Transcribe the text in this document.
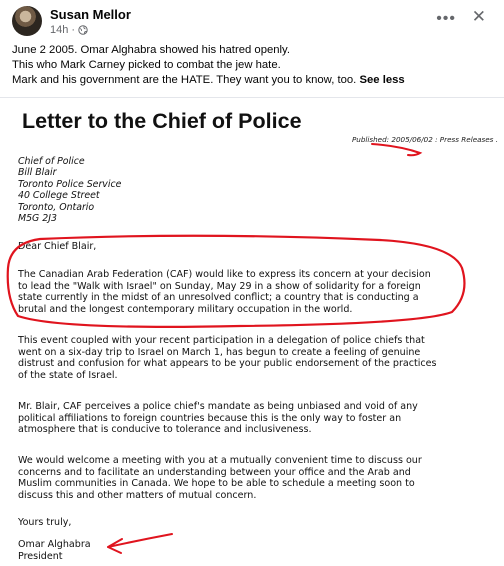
Susan Mellor
14h ·
••• ✕

June 2 2005. Omar Alghabra showed his hatred openly.

This who Mark Carney picked to combat the jew hate.

Mark and his government are the HATE. They want you to know, too. See less

Letter to the Chief of Police
Published: 2005/06/02 : Press Releases .
Chief of Police
Bill Blair
Toronto Police Service
40 College Street
Toronto, Ontario
M5G 2J3
Dear Chief Blair,
The Canadian Arab Federation (CAF) would like to express its concern at your decision
to lead the "Walk with Israel" on Sunday, May 29 in a show of solidarity for a foreign
state currently in the midst of an unresolved conflict; a country that is conducting a
brutal and the longest contemporary military occupation in the world.
This event coupled with your recent participation in a delegation of police chiefs that
went on a six-day trip to Israel on March 1, has begun to create a feeling of genuine
distrust and confusion for what appears to be your public endorsement of the practices
of the state of Israel.
Mr. Blair, CAF perceives a police chief's mandate as being unbiased and void of any
political affiliations to foreign countries because this is the only way to foster an
atmosphere that is conducive to tolerance and inclusiveness.
We would welcome a meeting with you at a mutually convenient time to discuss our
concerns and to facilitate an understanding between your office and the Arab and
Muslim communities in Canada. We hope to be able to schedule a meeting soon to
discuss this and other matters of mutual concern.
Yours truly,
Omar Alghabra
President
